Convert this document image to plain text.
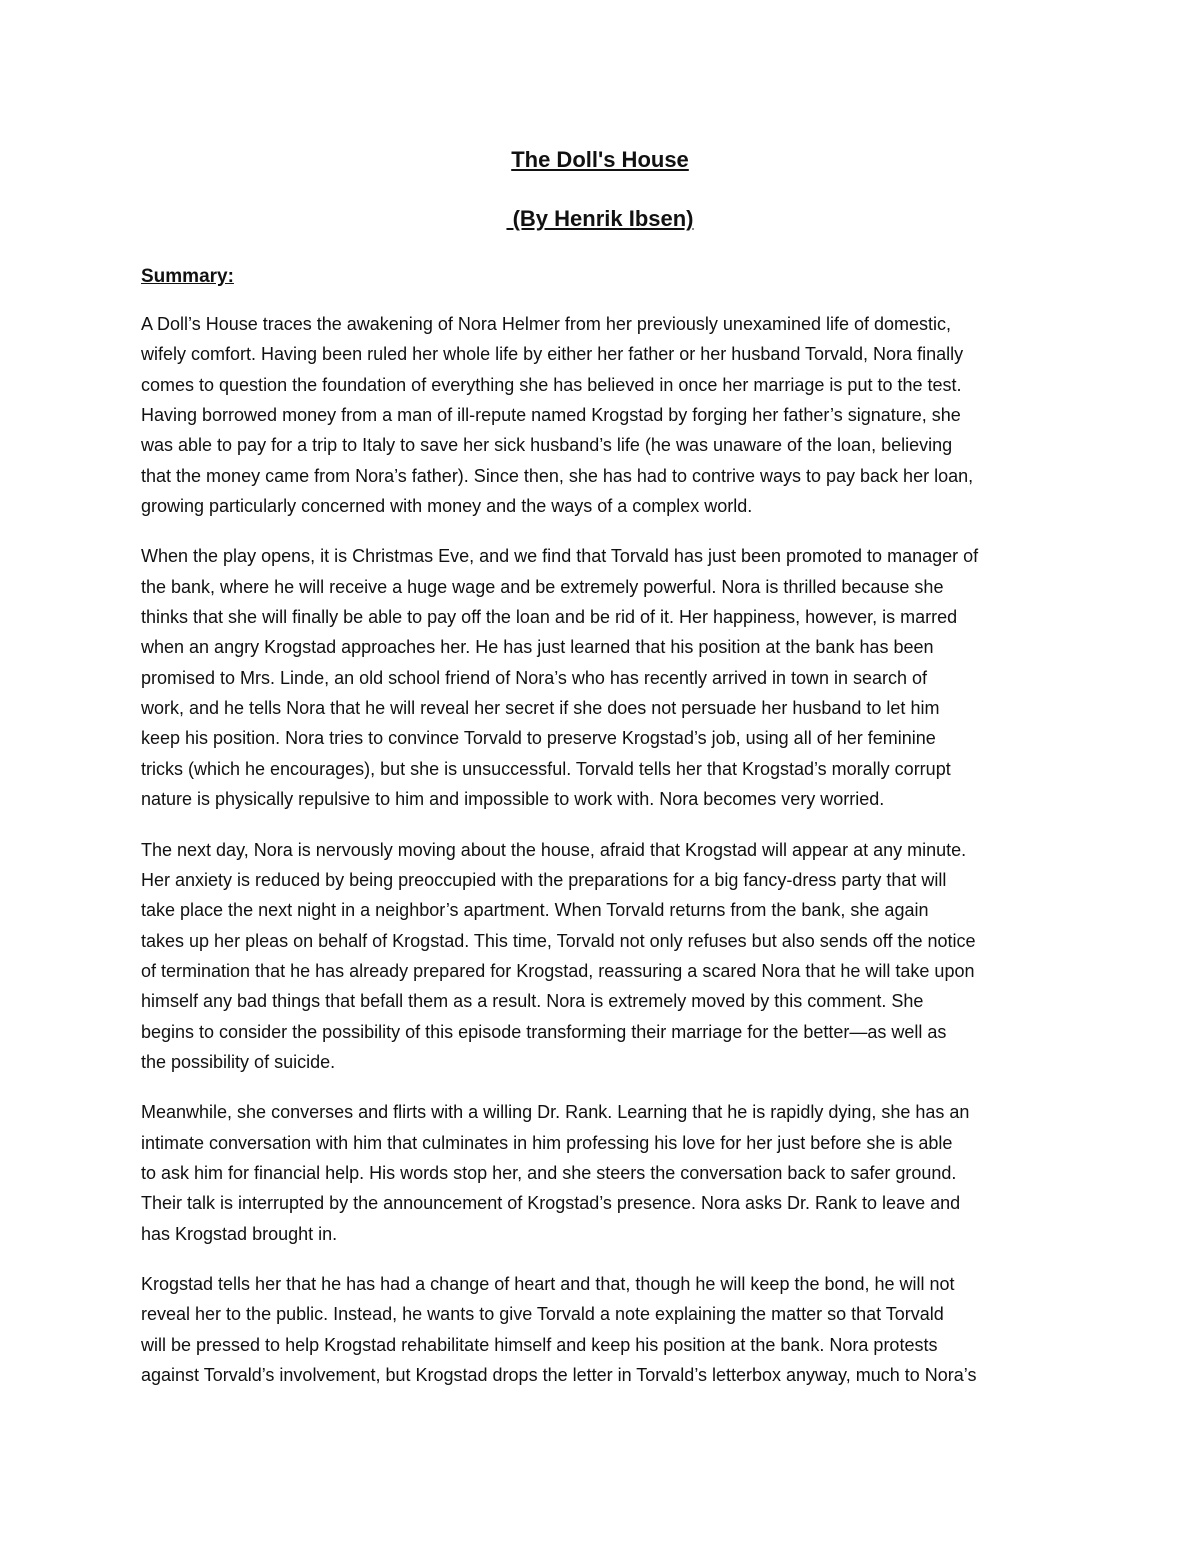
The Doll's House
(By Henrik Ibsen)
Summary:

A Doll’s House traces the awakening of Nora Helmer from her previously unexamined life of domestic,
wifely comfort. Having been ruled her whole life by either her father or her husband Torvald, Nora finally
comes to question the foundation of everything she has believed in once her marriage is put to the test.
Having borrowed money from a man of ill-repute named Krogstad by forging her father’s signature, she
was able to pay for a trip to Italy to save her sick husband’s life (he was unaware of the loan, believing
that the money came from Nora’s father). Since then, she has had to contrive ways to pay back her loan,
growing particularly concerned with money and the ways of a complex world.

When the play opens, it is Christmas Eve, and we find that Torvald has just been promoted to manager of
the bank, where he will receive a huge wage and be extremely powerful. Nora is thrilled because she
thinks that she will finally be able to pay off the loan and be rid of it. Her happiness, however, is marred
when an angry Krogstad approaches her. He has just learned that his position at the bank has been
promised to Mrs. Linde, an old school friend of Nora’s who has recently arrived in town in search of
work, and he tells Nora that he will reveal her secret if she does not persuade her husband to let him
keep his position. Nora tries to convince Torvald to preserve Krogstad’s job, using all of her feminine
tricks (which he encourages), but she is unsuccessful. Torvald tells her that Krogstad’s morally corrupt
nature is physically repulsive to him and impossible to work with. Nora becomes very worried.

The next day, Nora is nervously moving about the house, afraid that Krogstad will appear at any minute.
Her anxiety is reduced by being preoccupied with the preparations for a big fancy-dress party that will
take place the next night in a neighbor’s apartment. When Torvald returns from the bank, she again
takes up her pleas on behalf of Krogstad. This time, Torvald not only refuses but also sends off the notice
of termination that he has already prepared for Krogstad, reassuring a scared Nora that he will take upon
himself any bad things that befall them as a result. Nora is extremely moved by this comment. She
begins to consider the possibility of this episode transforming their marriage for the better—as well as
the possibility of suicide.

Meanwhile, she converses and flirts with a willing Dr. Rank. Learning that he is rapidly dying, she has an
intimate conversation with him that culminates in him professing his love for her just before she is able
to ask him for financial help. His words stop her, and she steers the conversation back to safer ground.
Their talk is interrupted by the announcement of Krogstad’s presence. Nora asks Dr. Rank to leave and
has Krogstad brought in.

Krogstad tells her that he has had a change of heart and that, though he will keep the bond, he will not
reveal her to the public. Instead, he wants to give Torvald a note explaining the matter so that Torvald
will be pressed to help Krogstad rehabilitate himself and keep his position at the bank. Nora protests
against Torvald’s involvement, but Krogstad drops the letter in Torvald’s letterbox anyway, much to Nora’s
